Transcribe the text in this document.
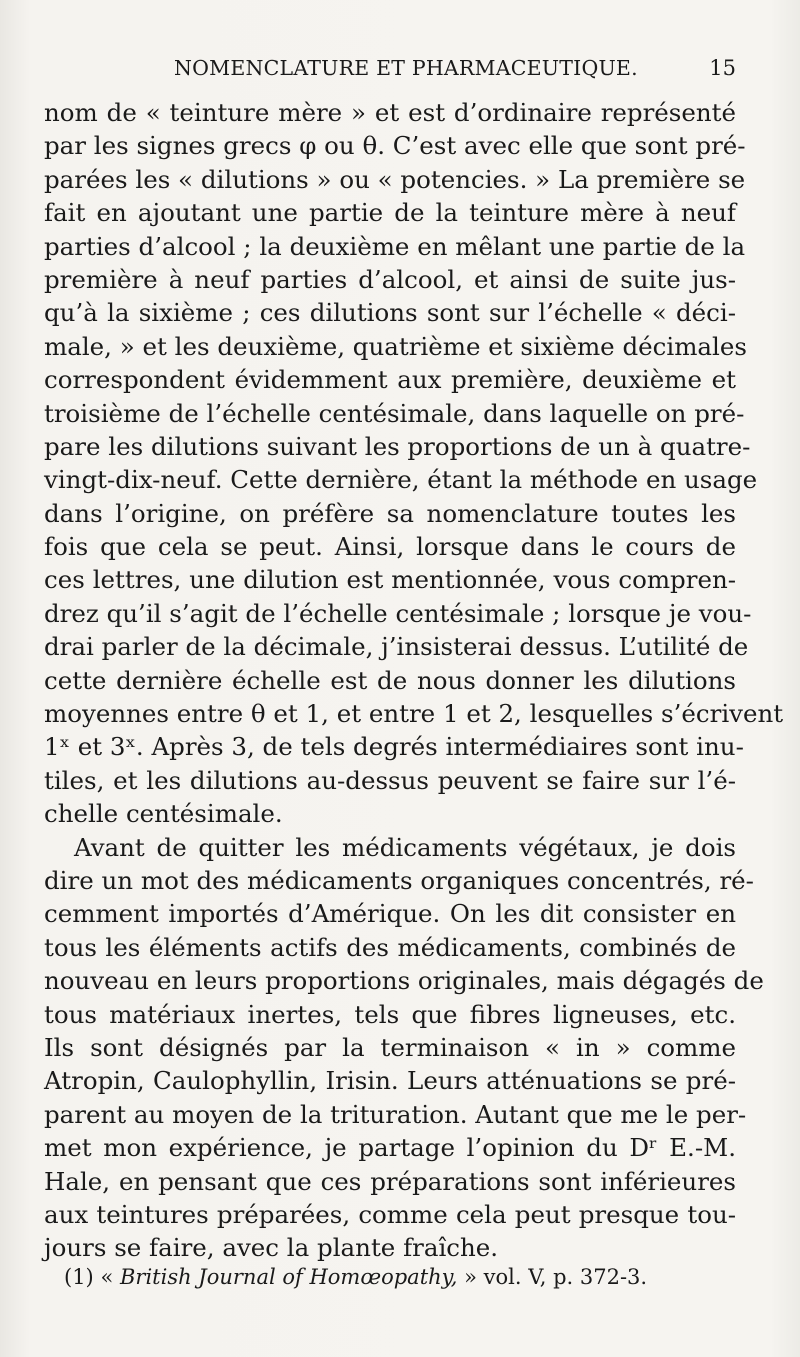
NOMENCLATURE ET PHARMACEUTIQUE.	15
nom de « teinture mère » et est d’ordinaire représenté
par les signes grecs φ ou θ. C’est avec elle que sont pré-
parées les « dilutions » ou « potencies. » La première se
fait en ajoutant une partie de la teinture mère à neuf
parties d’alcool ; la deuxième en mêlant une partie de la
première à neuf parties d’alcool, et ainsi de suite jus-
qu’à la sixième ; ces dilutions sont sur l’échelle « déci-
male, » et les deuxième, quatrième et sixième décimales
correspondent évidemment aux première, deuxième et
troisième de l’échelle centésimale, dans laquelle on pré-
pare les dilutions suivant les proportions de un à quatre-
vingt-dix-neuf. Cette dernière, étant la méthode en usage
dans l’origine, on préfère sa nomenclature toutes les
fois que cela se peut. Ainsi, lorsque dans le cours de
ces lettres, une dilution est mentionnée, vous compren-
drez qu’il s’agit de l’échelle centésimale ; lorsque je vou-
drai parler de la décimale, j’insisterai dessus. L’utilité de
cette dernière échelle est de nous donner les dilutions
moyennes entre θ et 1, et entre 1 et 2, lesquelles s’écrivent
1ˣ et 3ˣ. Après 3, de tels degrés intermédiaires sont inu-
tiles, et les dilutions au-dessus peuvent se faire sur l’é-
chelle centésimale.
Avant de quitter les médicaments végétaux, je dois
dire un mot des médicaments organiques concentrés, ré-
cemment importés d’Amérique. On les dit consister en
tous les éléments actifs des médicaments, combinés de
nouveau en leurs proportions originales, mais dégagés de
tous matériaux inertes, tels que fibres ligneuses, etc.
Ils sont désignés par la terminaison « in » comme
Atropin, Caulophyllin, Irisin. Leurs atténuations se pré-
parent au moyen de la trituration. Autant que me le per-
met mon expérience, je partage l’opinion du Dʳ E.-M.
Hale, en pensant que ces préparations sont inférieures
aux teintures préparées, comme cela peut presque tou-
jours se faire, avec la plante fraîche.
(1) « British Journal of Homœopathy, » vol. V, p. 372-3.
